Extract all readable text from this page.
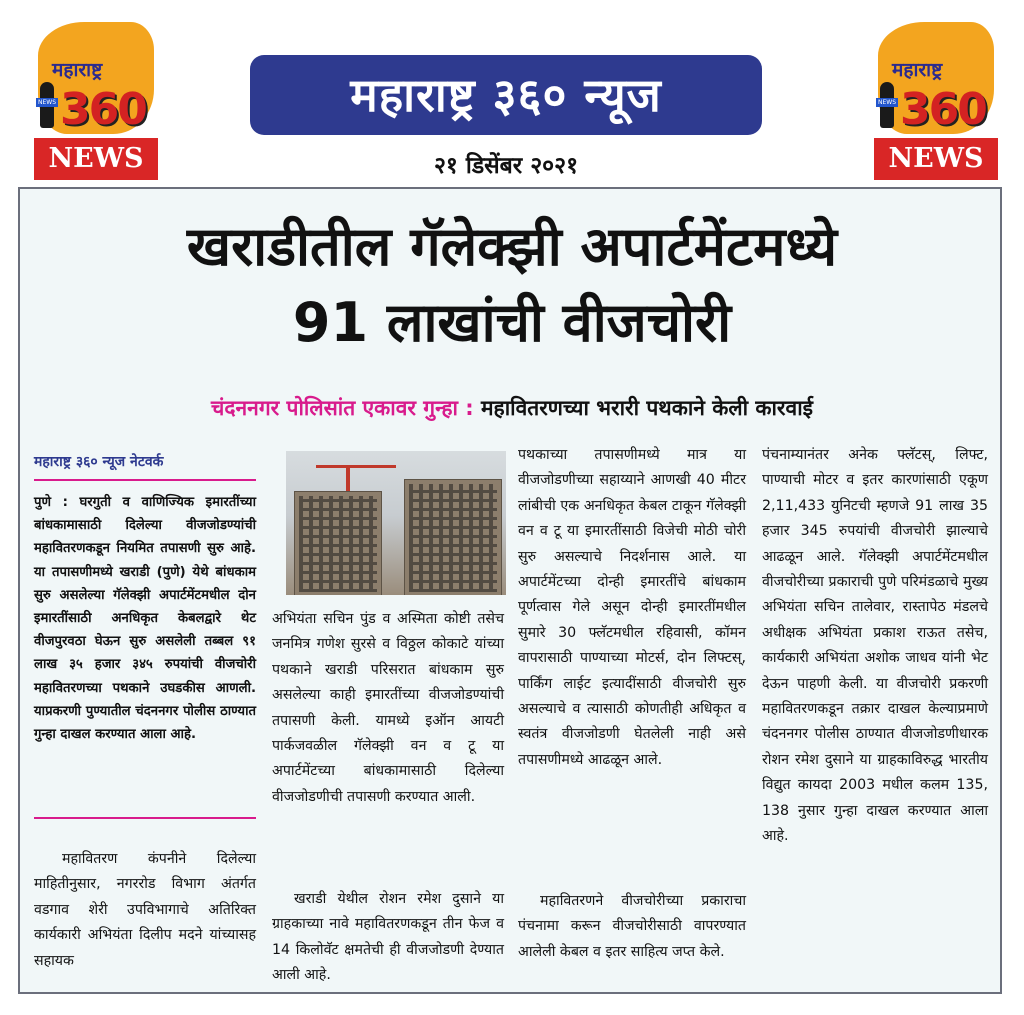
महाराष्ट्र
NEWS 360
NEWS
महाराष्ट्र ३६० न्यूज
२१ डिसेंबर २०२१
महाराष्ट्र
NEWS 360
NEWS
खराडीतील गॅलेक्झी अपार्टमेंटमध्ये
91 लाखांची वीजचोरी
चंदननगर पोलिसांत एकावर गुन्हा : महावितरणच्या भरारी पथकाने केली कारवाई
महाराष्ट्र ३६० न्यूज नेटवर्क
पुणे : घरगुती व वाणिज्यिक इमारतींच्या बांधकामासाठी दिलेल्या वीजजोडण्यांची महावितरणकडून नियमित तपासणी सुरु आहे. या तपासणीमध्ये खराडी (पुणे) येथे बांधकाम सुरु असलेल्या गॅलेक्झी अपार्टमेंटमधील दोन इमारतींसाठी अनधिकृत केबलद्वारे थेट वीजपुरवठा घेऊन सुरु असलेली तब्बल ९१ लाख ३५ हजार ३४५ रुपयांची वीजचोरी महावितरणच्या पथकाने उघडकीस आणली. याप्रकरणी पुण्यातील चंदननगर पोलीस ठाण्यात गुन्हा दाखल करण्यात आला आहे.
महावितरण कंपनीने दिलेल्या माहितीनुसार, नगररोड विभाग अंतर्गत वडगाव शेरी उपविभागाचे अतिरिक्त कार्यकारी अभियंता दिलीप मदने यांच्यासह सहायक
अभियंता सचिन पुंड व अस्मिता कोष्टी तसेच जनमित्र गणेश सुरसे व विठ्ठल कोकाटे यांच्या पथकाने खराडी परिसरात बांधकाम सुरु असलेल्या काही इमारतींच्या वीजजोडण्यांची तपासणी केली. यामध्ये इऑन आयटी पार्कजवळील गॅलेक्झी वन व टू या अपार्टमेंटच्या बांधकामासाठी दिलेल्या वीजजोडणीची तपासणी करण्यात आली.
खराडी येथील रोशन रमेश दुसाने या ग्राहकाच्या नावे महावितरणकडून तीन फेज व 14 किलोवॅट क्षमतेची ही वीजजोडणी देण्यात आली आहे.
पथकाच्या तपासणीमध्ये मात्र या वीजजोडणीच्या सहाय्याने आणखी 40 मीटर लांबीची एक अनधिकृत केबल टाकून गॅलेक्झी वन व टू या इमारतींसाठी विजेची मोठी चोरी सुरु असल्याचे निदर्शनास आले. या अपार्टमेंटच्या दोन्ही इमारतींचे बांधकाम पूर्णत्वास गेले असून दोन्ही इमारतींमधील सुमारे 30 फ्लॅटमधील रहिवासी, कॉमन वापरासाठी पाण्याच्या मोटर्स, दोन लिफ्टस्, पार्किंग लाईट इत्यादींसाठी वीजचोरी सुरु असल्याचे व त्यासाठी कोणतीही अधिकृत व स्वतंत्र वीजजोडणी घेतलेली नाही असे तपासणीमध्ये आढळून आले.
महावितरणने वीजचोरीच्या प्रकाराचा पंचनामा करून वीजचोरीसाठी वापरण्यात आलेली केबल व इतर साहित्य जप्त केले.
पंचनाम्यानंतर अनेक फ्लॅटस्, लिफ्ट, पाण्याची मोटर व इतर कारणांसाठी एकूण 2,11,433 युनिटची म्हणजे 91 लाख 35 हजार 345 रुपयांची वीजचोरी झाल्याचे आढळून आले. गॅलेक्झी अपार्टमेंटमधील वीजचोरीच्या प्रकाराची पुणे परिमंडळाचे मुख्य अभियंता सचिन तालेवार, रास्तापेठ मंडलचे अधीक्षक अभियंता प्रकाश राऊत तसेच, कार्यकारी अभियंता अशोक जाधव यांनी भेट देऊन पाहणी केली. या वीजचोरी प्रकरणी महावितरणकडून तक्रार दाखल केल्याप्रमाणे चंदननगर पोलीस ठाण्यात वीजजोडणीधारक रोशन रमेश दुसाने या ग्राहकाविरुद्ध भारतीय विद्युत कायदा 2003 मधील कलम 135, 138 नुसार गुन्हा दाखल करण्यात आला आहे.
